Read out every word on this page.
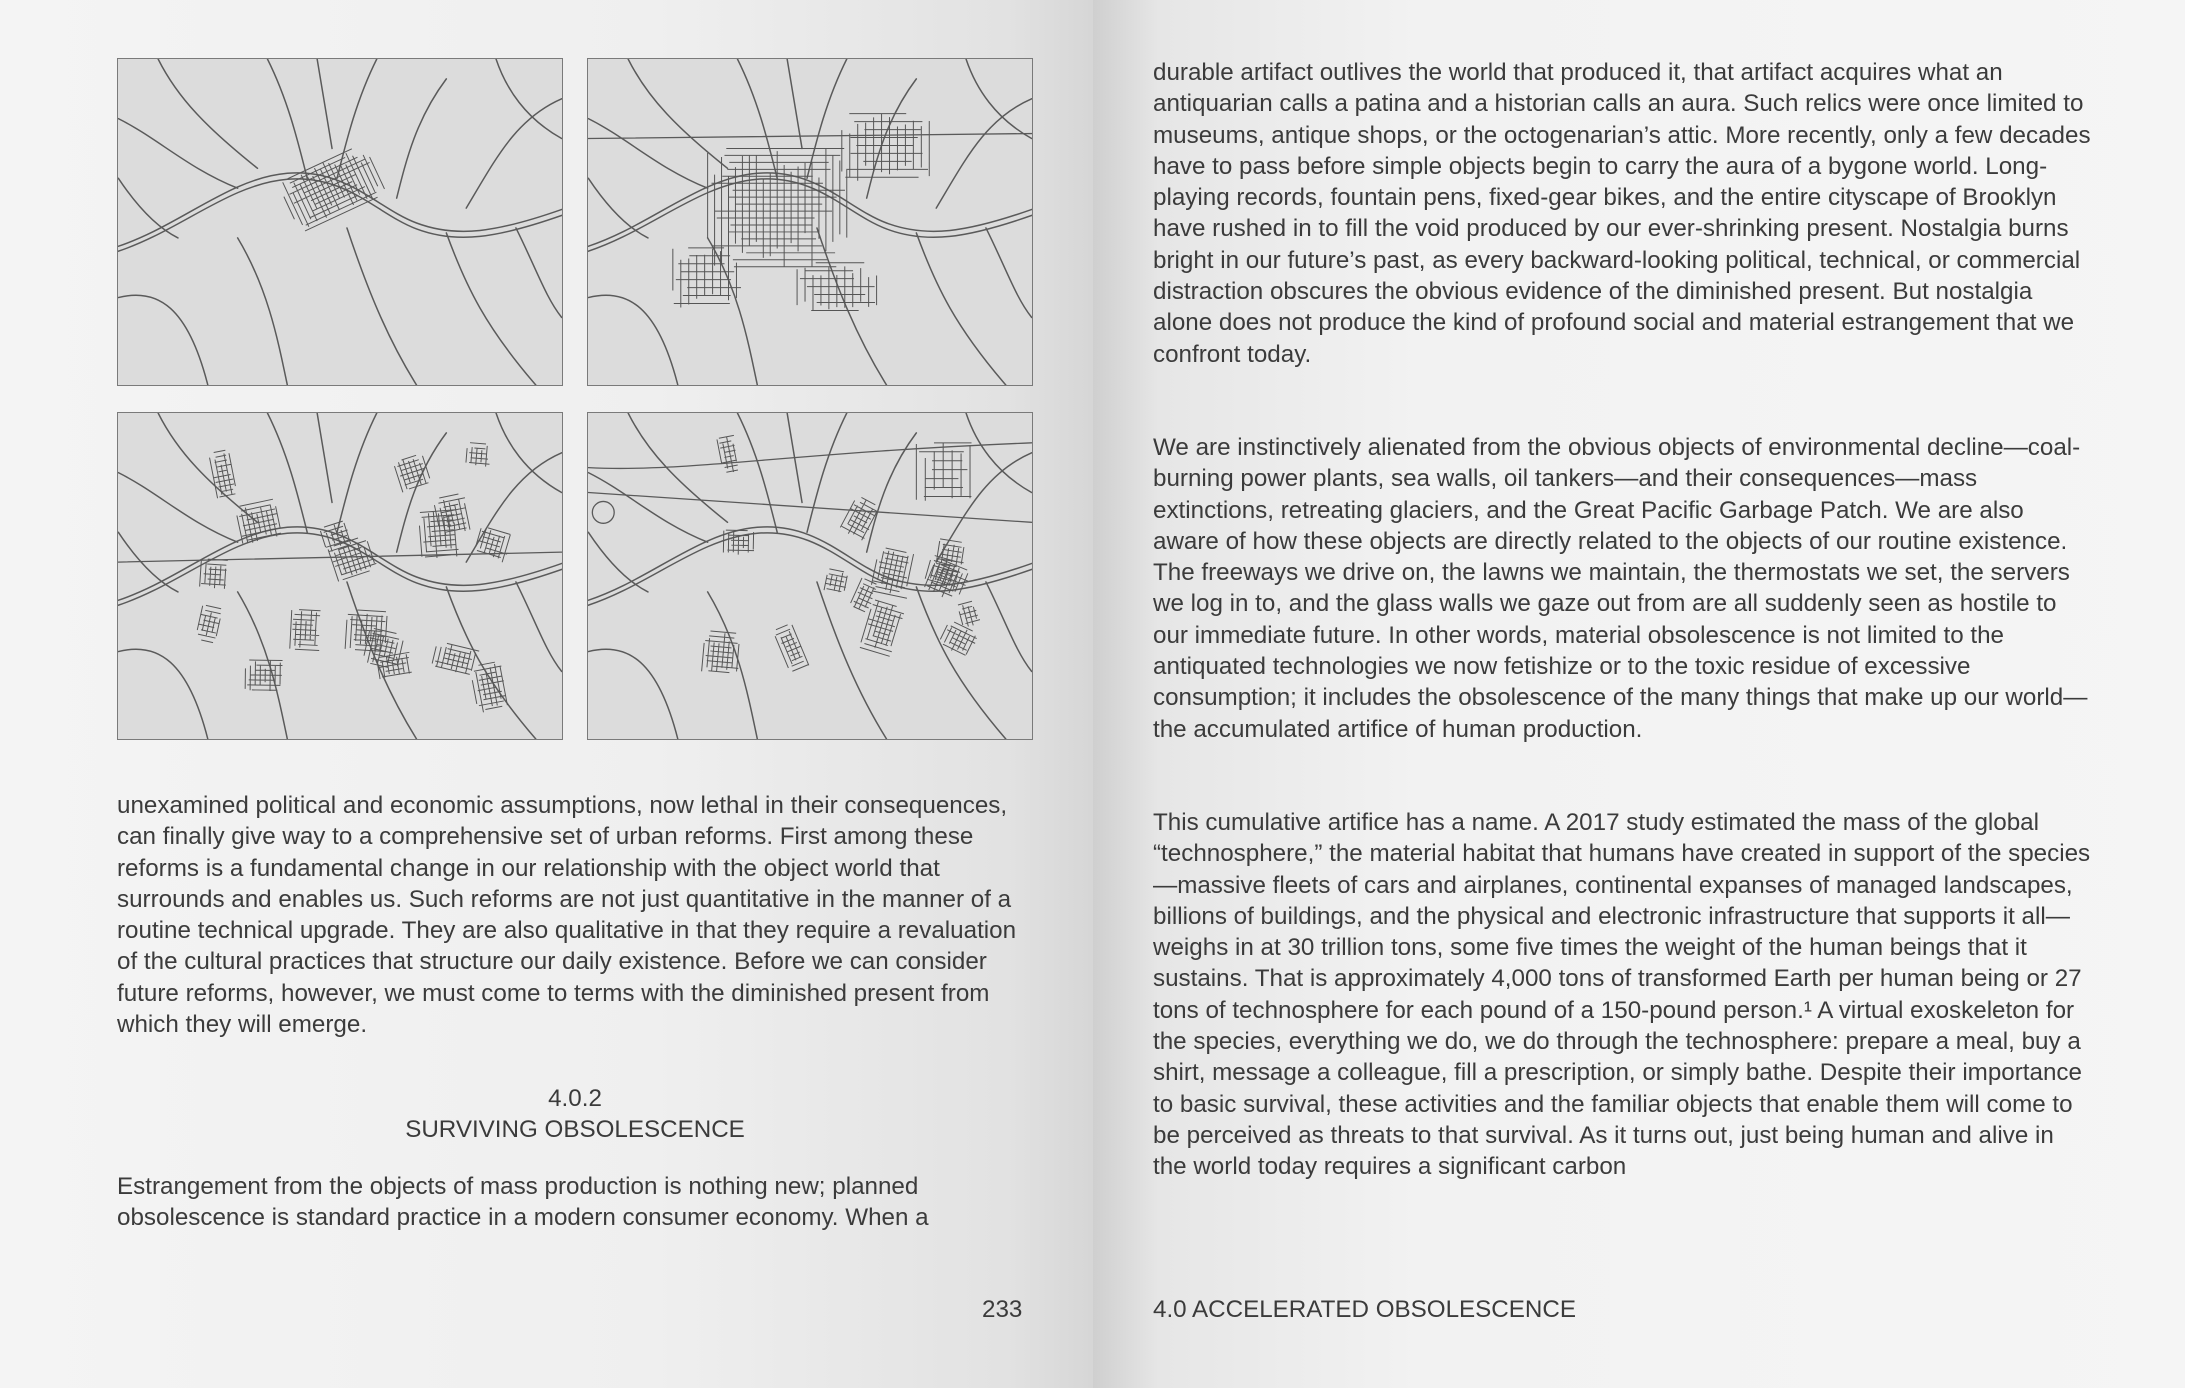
unexamined political and economic assumptions, now lethal in their consequences, can finally give way to a comprehensive set of urban reforms. First among these reforms is a fundamental change in our relationship with the object world that surrounds and enables us. Such reforms are not just quantitative in the manner of a routine technical upgrade. They are also qualitative in that they require a revaluation of the cultural practices that structure our daily existence. Before we can consider future reforms, however, we must come to terms with the diminished present from which they will emerge.

4.0.2
SURVIVING OBSOLESCENCE

Estrangement from the objects of mass production is nothing new; planned obsolescence is standard practice in a modern consumer economy. When a

233

durable artifact outlives the world that produced it, that artifact acquires what an antiquarian calls a patina and a historian calls an aura. Such relics were once limited to museums, antique shops, or the octogenarian’s attic. More recently, only a few decades have to pass before simple objects begin to carry the aura of a bygone world. Long-playing records, fountain pens, fixed-gear bikes, and the entire cityscape of Brooklyn have rushed in to fill the void produced by our ever-shrinking present. Nostalgia burns bright in our future’s past, as every backward-looking political, technical, or commercial distraction obscures the obvious evidence of the diminished present. But nostalgia alone does not produce the kind of profound social and material estrangement that we confront today.

We are instinctively alienated from the obvious objects of environmental decline—coal-burning power plants, sea walls, oil tankers—and their consequences—mass extinctions, retreating glaciers, and the Great Pacific Garbage Patch. We are also aware of how these objects are directly related to the objects of our routine existence. The freeways we drive on, the lawns we maintain, the thermostats we set, the servers we log in to, and the glass walls we gaze out from are all suddenly seen as hostile to our immediate future. In other words, material obsolescence is not limited to the antiquated technologies we now fetishize or to the toxic residue of excessive consumption; it includes the obsolescence of the many things that make up our world—the accumulated artifice of human production.

This cumulative artifice has a name. A 2017 study estimated the mass of the global “technosphere,” the material habitat that humans have created in support of the species—massive fleets of cars and airplanes, continental expanses of managed landscapes, billions of buildings, and the physical and electronic infrastructure that supports it all—weighs in at 30 trillion tons, some five times the weight of the human beings that it sustains. That is approximately 4,000 tons of transformed Earth per human being or 27 tons of technosphere for each pound of a 150-pound person.¹ A virtual exoskeleton for the species, everything we do, we do through the technosphere: prepare a meal, buy a shirt, message a colleague, fill a prescription, or simply bathe. Despite their importance to basic survival, these activities and the familiar objects that enable them will come to be perceived as threats to that survival. As it turns out, just being human and alive in the world today requires a significant carbon

4.0 ACCELERATED OBSOLESCENCE
